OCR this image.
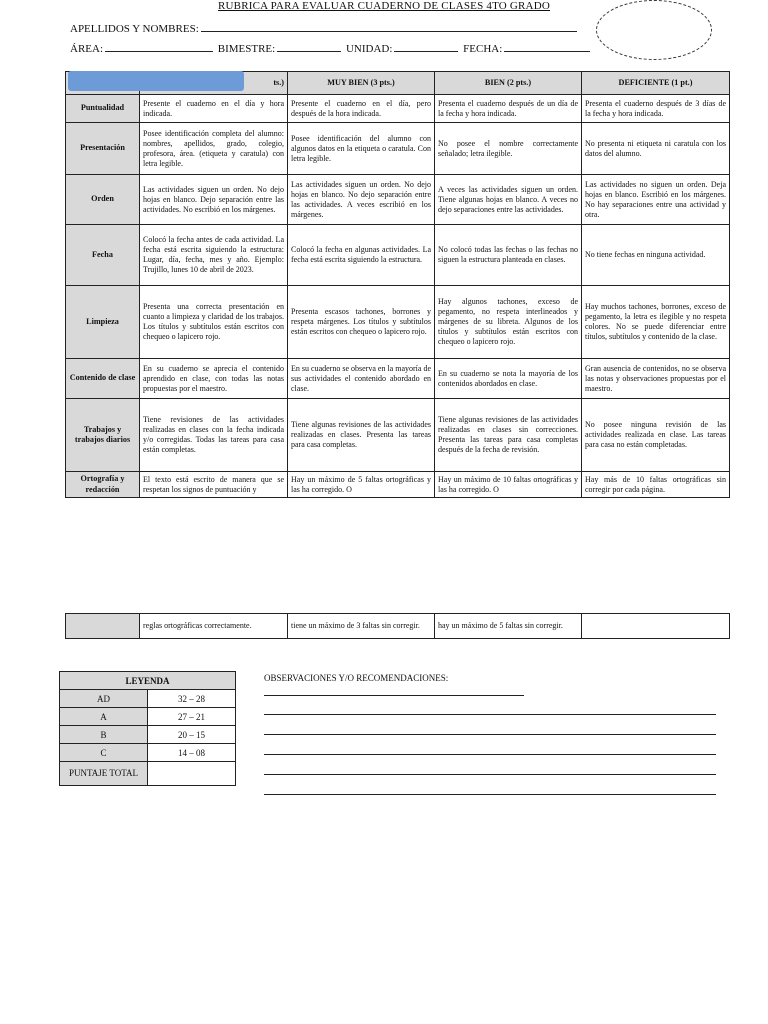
RUBRICA PARA EVALUAR CUADERNO DE CLASES 4TO GRADO
APELLIDOS Y NOMBRES:
ÁREA:	BIMESTRE:	UNIDAD:	FECHA:
	ts.)	MUY BIEN (3 pts.)	BIEN (2 pts.)	DEFICIENTE (1 pt.)
Puntualidad	Presente el cuaderno en el día y hora indicada.	Presente el cuaderno en el día, pero después de la hora indicada.	Presenta el cuaderno después de un día de la fecha y hora indicada.	Presenta el cuaderno después de 3 días de la fecha y hora indicada.
Presentación	Posee identificación completa del alumno: nombres, apellidos, grado, colegio, profesora, área. (etiqueta y caratula) con letra legible.	Posee identificación del alumno con algunos datos en la etiqueta o caratula. Con letra legible.	No posee el nombre correctamente señalado; letra ilegible.	No presenta ni etiqueta ni caratula con los datos del alumno.
Orden	Las actividades siguen un orden. No dejo hojas en blanco. Dejo separación entre las actividades. No escribió en los márgenes.	Las actividades siguen un orden. No dejo hojas en blanco. No dejo separación entre las actividades. A veces escribió en los márgenes.	A veces las actividades siguen un orden. Tiene algunas hojas en blanco. A veces no dejo separaciones entre las actividades.	Las actividades no siguen un orden. Deja hojas en blanco. Escribió en los márgenes. No hay separaciones entre una actividad y otra.
Fecha	Colocó la fecha antes de cada actividad. La fecha está escrita siguiendo la estructura: Lugar, día, fecha, mes y año. Ejemplo: Trujillo, lunes 10 de abril de 2023.	Colocó la fecha en algunas actividades. La fecha está escrita siguiendo la estructura.	No colocó todas las fechas o las fechas no siguen la estructura planteada en clases.	No tiene fechas en ninguna actividad.
Limpieza	Presenta una correcta presentación en cuanto a limpieza y claridad de los trabajos. Los títulos y subtítulos están escritos con chequeo o lapicero rojo.	Presenta escasos tachones, borrones y respeta márgenes. Los títulos y subtítulos están escritos con chequeo o lapicero rojo.	Hay algunos tachones, exceso de pegamento, no respeta interlineados y márgenes de su libreta. Algunos de los títulos y subtítulos están escritos con chequeo o lapicero rojo.	Hay muchos tachones, borrones, exceso de pegamento, la letra es ilegible y no respeta colores. No se puede diferenciar entre títulos, subtítulos y contenido de la clase.
Contenido de clase	En su cuaderno se aprecia el contenido aprendido en clase, con todas las notas propuestas por el maestro.	En su cuaderno se observa en la mayoría de sus actividades el contenido abordado en clase.	En su cuaderno se nota la mayoría de los contenidos abordados en clase.	Gran ausencia de contenidos, no se observa las notas y observaciones propuestas por el maestro.
Trabajos y trabajos diarios	Tiene revisiones de las actividades realizadas en clases con la fecha indicada y/o corregidas. Todas las tareas para casa están completas.	Tiene algunas revisiones de las actividades realizadas en clases. Presenta las tareas para casa completas.	Tiene algunas revisiones de las actividades realizadas en clases sin correcciones. Presenta las tareas para casa completas después de la fecha de revisión.	No posee ninguna revisión de las actividades realizada en clase. Las tareas para casa no están completadas.
Ortografía y redacción	El texto está escrito de manera que se respetan los signos de puntuación y	Hay un máximo de 5 faltas ortográficas y las ha corregido. O	Hay un máximo de 10 faltas ortográficas y las ha corregido. O	Hay más de 10 faltas ortográficas sin corregir por cada página.
	reglas ortográficas correctamente.	tiene un máximo de 3 faltas sin corregir.	hay un máximo de 5 faltas sin corregir.	
LEYENDA	
AD	32 – 28
A	27 – 21
B	20 – 15
C	14 – 08
PUNTAJE TOTAL	
OBSERVACIONES Y/O RECOMENDACIONES:
